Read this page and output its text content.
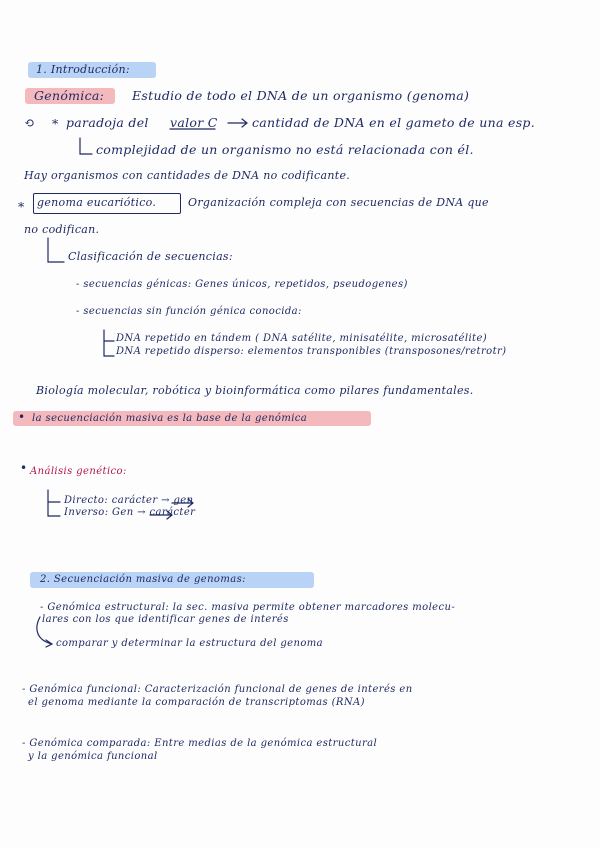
1. Introducción:
Genómica: Estudio de todo el DNA de un organismo (genoma)
⟲ * paradoja del valor C	cantidad de DNA en el gameto de una esp.
complejidad de un organismo no está relacionada con él.
Hay organismos con cantidades de DNA no codificante.
* genoma eucariótico.	Organización compleja con secuencias de DNA que
no codifican.
Clasificación de secuencias:
- secuencias génicas: Genes únicos, repetidos, pseudogenes)
- secuencias sin función génica conocida:
DNA repetido en tándem ( DNA satélite, minisatélite, microsatélite)
DNA repetido disperso: elementos transponibles (transposones/retrotr)
Biología molecular, robótica y bioinformática como pilares fundamentales.
• la secuenciación masiva es la base de la genómica
• Análisis genético:
Directo: carácter → gen
Inverso: Gen → carácter
2. Secuenciación masiva de genomas:
- Genómica estructural: la sec. masiva permite obtener marcadores molecu-
lares con los que identificar genes de interés
comparar y determinar la estructura del genoma
- Genómica funcional: Caracterización funcional de genes de interés en
el genoma mediante la comparación de transcriptomas (RNA)
- Genómica comparada: Entre medias de la genómica estructural
y la genómica funcional
